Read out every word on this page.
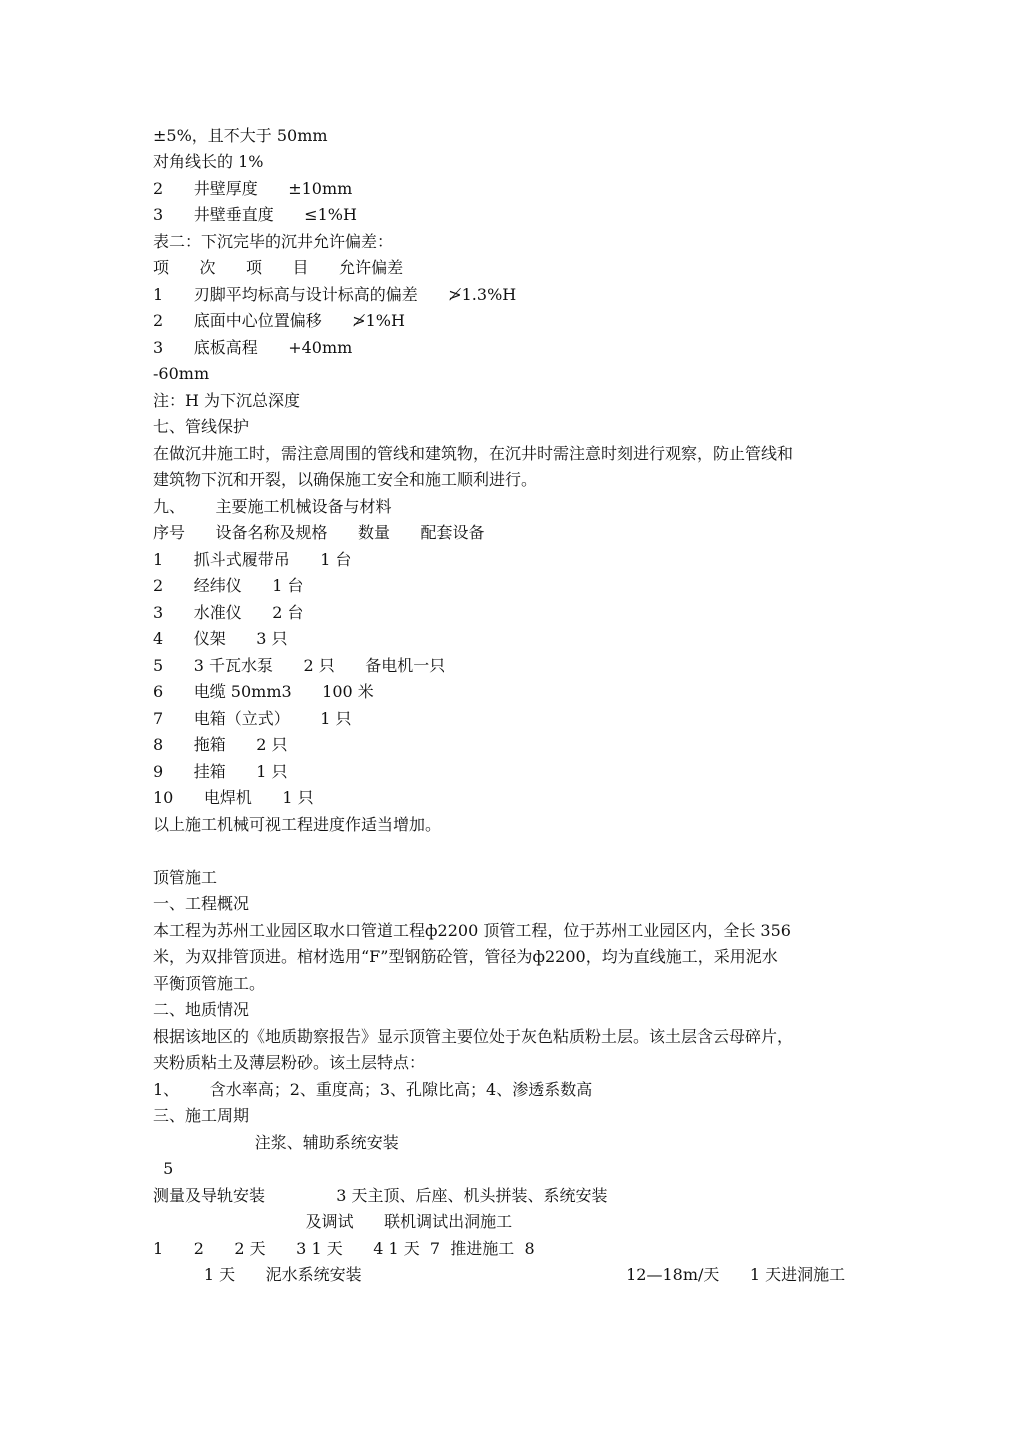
±5%，且不大于 50mm

对角线长的 1%

2      井壁厚度      ±10mm

3      井壁垂直度      ≤1%H

表二：下沉完毕的沉井允许偏差：

项      次      项      目      允许偏差

1      刃脚平均标高与设计标高的偏差      ≯1.3%H

2      底面中心位置偏移      ≯1%H

3      底板高程      +40mm

-60mm

注：H 为下沉总深度

七、管线保护

在做沉井施工时，需注意周围的管线和建筑物，在沉井时需注意时刻进行观察，防止管线和

建筑物下沉和开裂，以确保施工安全和施工顺利进行。

九、      主要施工机械设备与材料

序号      设备名称及规格      数量      配套设备

1      抓斗式履带吊      1 台

2      经纬仪      1 台

3      水准仪      2 台

4      仪架      3 只

5      3 千瓦水泵      2 只      备电机一只

6      电缆 50mm3      100 米

7      电箱（立式）      1 只

8      拖箱      2 只

9      挂箱      1 只

10      电焊机      1 只

以上施工机械可视工程进度作适当增加。

顶管施工

一、工程概况

本工程为苏州工业园区取水口管道工程ф2200 顶管工程，位于苏州工业园区内，全长 356

米，为双排管顶进。棺材选用“F”型钢筋砼管，管径为ф2200，均为直线施工，采用泥水

平衡顶管施工。

二、地质情况

根据该地区的《地质勘察报告》显示顶管主要位处于灰色粘质粉土层。该土层含云母碎片，

夹粉质粘土及薄层粉砂。该土层特点：

1、      含水率高；2、重度高；3、孔隙比高；4、渗透系数高

三、施工周期

注浆、辅助系统安装

5

测量及导轨安装              3 天主顶、后座、机头拼装、系统安装

及调试      联机调试出洞施工

1      2      2 天      3 1 天      4 1 天  7  推进施工  8

1 天      泥水系统安装                                                    12—18m/天      1 天进洞施工
